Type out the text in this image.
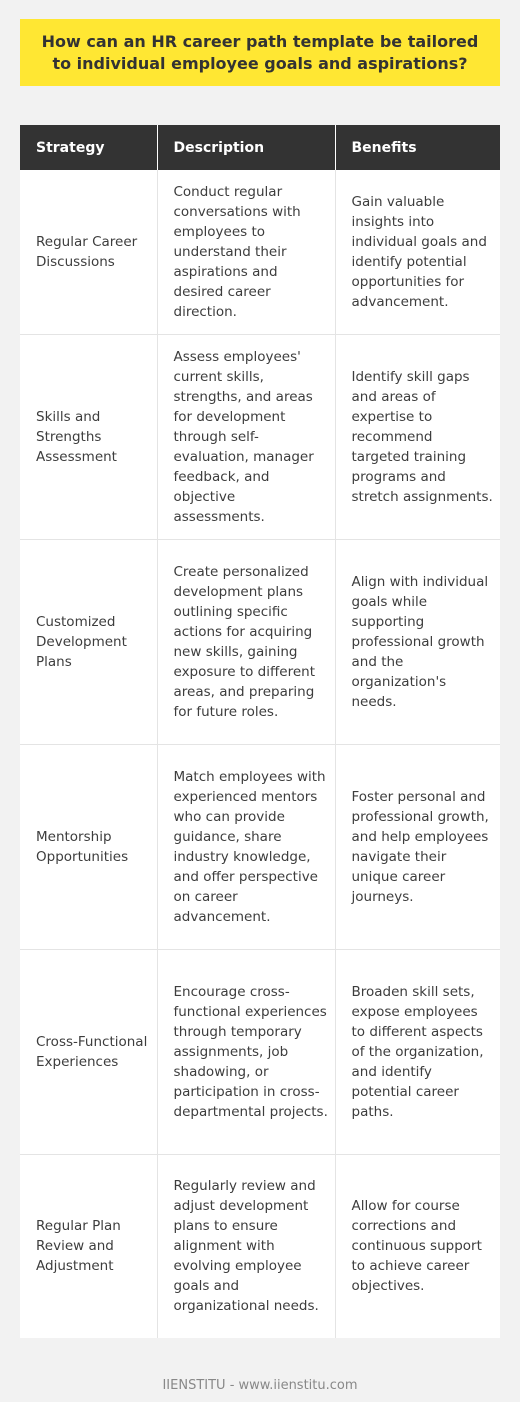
How can an HR career path template be tailored to individual employee goals and aspirations?
Strategy	Description	Benefits
Regular Career Discussions	Conduct regular conversations with employees to understand their aspirations and desired career direction.	Gain valuable insights into individual goals and identify potential opportunities for advancement.
Skills and Strengths Assessment	Assess employees' current skills, strengths, and areas for development through self-evaluation, manager feedback, and objective assessments.	Identify skill gaps and areas of expertise to recommend targeted training programs and stretch assignments.
Customized Development Plans	Create personalized development plans outlining specific actions for acquiring new skills, gaining exposure to different areas, and preparing for future roles.	Align with individual goals while supporting professional growth and the organization's needs.
Mentorship Opportunities	Match employees with experienced mentors who can provide guidance, share industry knowledge, and offer perspective on career advancement.	Foster personal and professional growth, and help employees navigate their unique career journeys.
Cross-Functional Experiences	Encourage cross-functional experiences through temporary assignments, job shadowing, or participation in cross-departmental projects.	Broaden skill sets, expose employees to different aspects of the organization, and identify potential career paths.
Regular Plan Review and Adjustment	Regularly review and adjust development plans to ensure alignment with evolving employee goals and organizational needs.	Allow for course corrections and continuous support to achieve career objectives.
IIENSTITU - www.iienstitu.com
